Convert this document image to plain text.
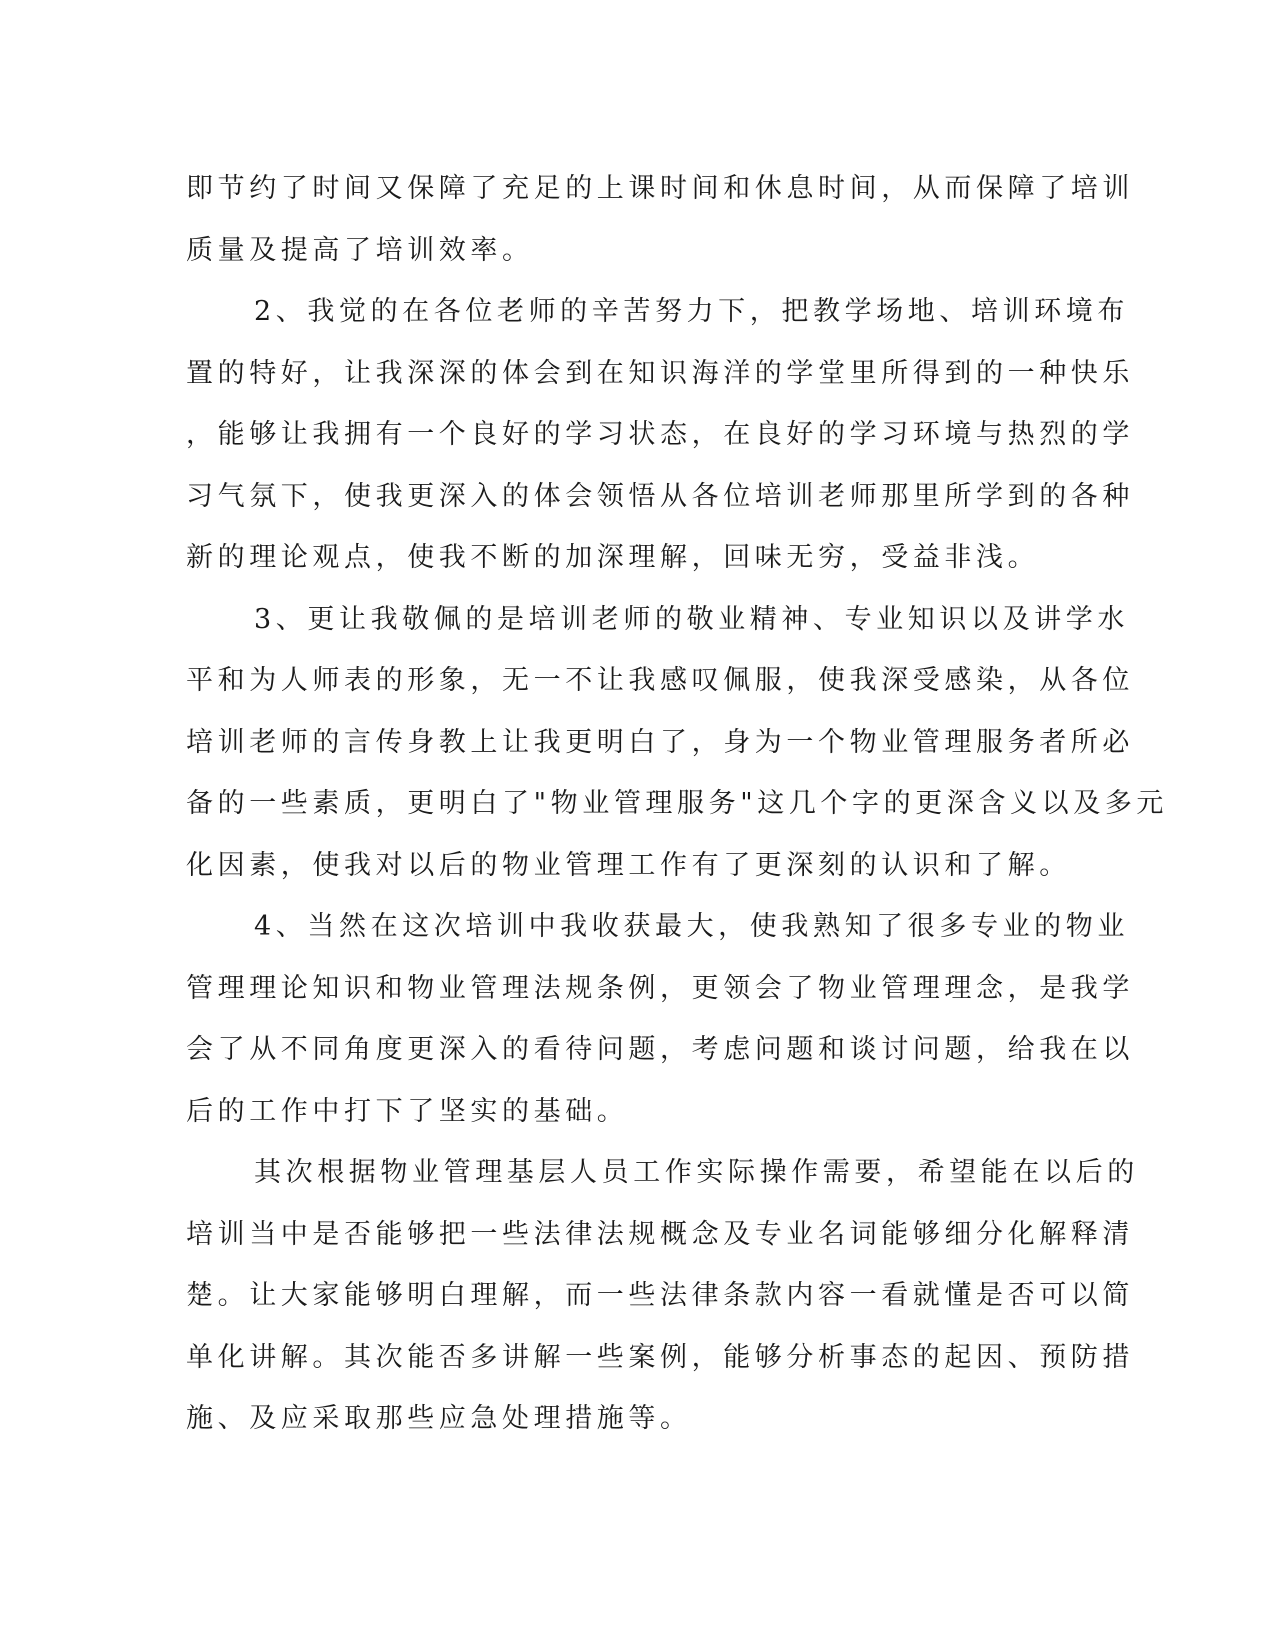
即节约了时间又保障了充足的上课时间和休息时间，从而保障了培训
质量及提高了培训效率。
2、我觉的在各位老师的辛苦努力下，把教学场地、培训环境布
置的特好，让我深深的体会到在知识海洋的学堂里所得到的一种快乐
，能够让我拥有一个良好的学习状态，在良好的学习环境与热烈的学
习气氛下，使我更深入的体会领悟从各位培训老师那里所学到的各种
新的理论观点，使我不断的加深理解，回味无穷，受益非浅。
3、更让我敬佩的是培训老师的敬业精神、专业知识以及讲学水
平和为人师表的形象，无一不让我感叹佩服，使我深受感染，从各位
培训老师的言传身教上让我更明白了，身为一个物业管理服务者所必
备的一些素质，更明白了"物业管理服务"这几个字的更深含义以及多元
化因素，使我对以后的物业管理工作有了更深刻的认识和了解。
4、当然在这次培训中我收获最大，使我熟知了很多专业的物业
管理理论知识和物业管理法规条例，更领会了物业管理理念，是我学
会了从不同角度更深入的看待问题，考虑问题和谈讨问题，给我在以
后的工作中打下了坚实的基础。
其次根据物业管理基层人员工作实际操作需要，希望能在以后的
培训当中是否能够把一些法律法规概念及专业名词能够细分化解释清
楚。让大家能够明白理解，而一些法律条款内容一看就懂是否可以简
单化讲解。其次能否多讲解一些案例，能够分析事态的起因、预防措
施、及应采取那些应急处理措施等。
